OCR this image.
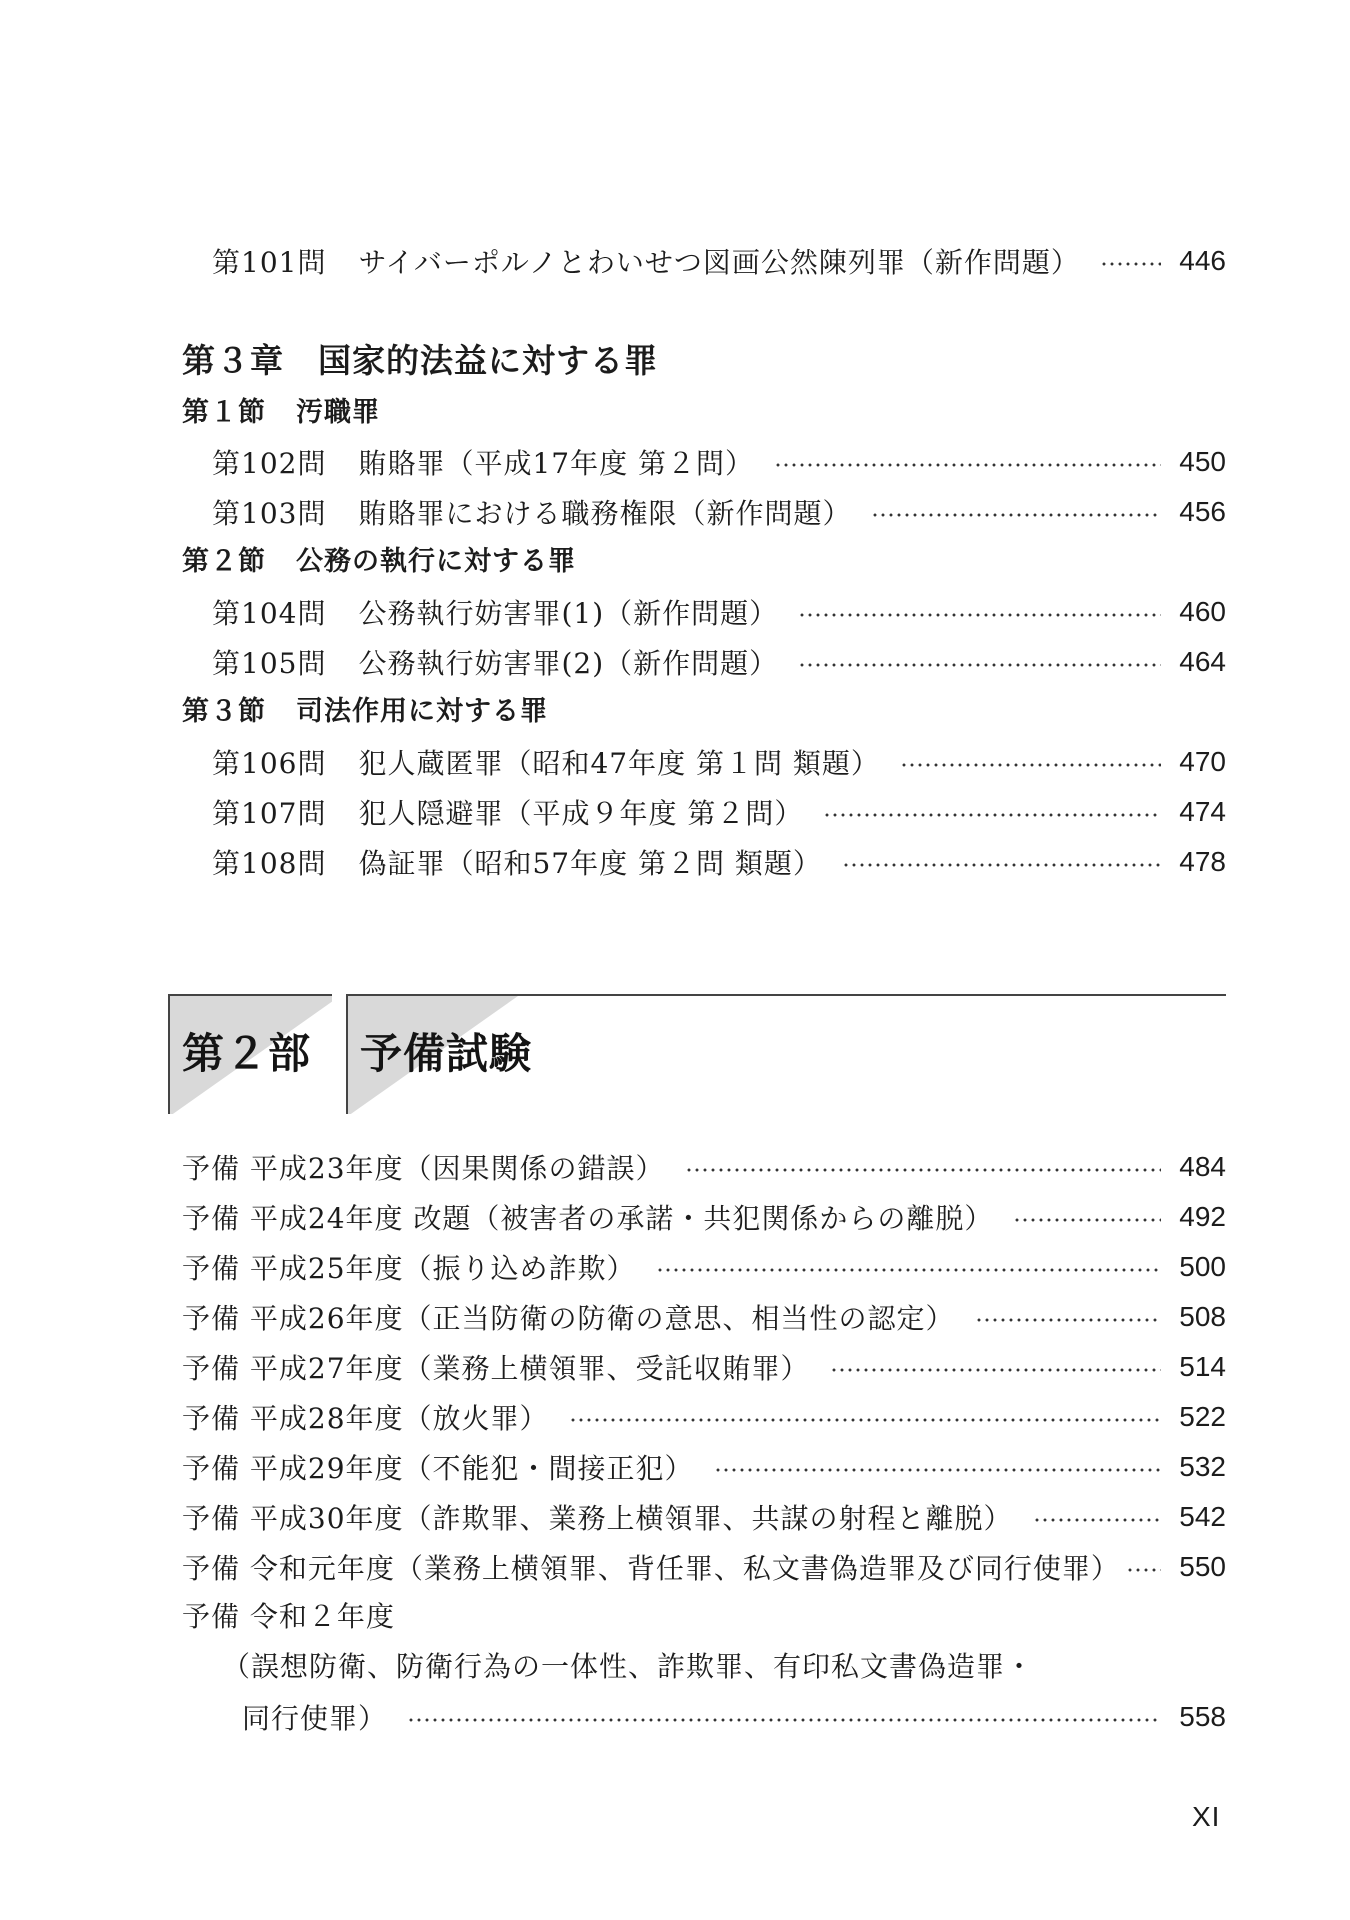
第101問 サイバーポルノとわいせつ図画公然陳列罪（新作問題）	446
第３章 国家的法益に対する罪
第１節 汚職罪
第102問 賄賂罪（平成17年度 第２問）	450
第103問 賄賂罪における職務権限（新作問題）	456
第２節 公務の執行に対する罪
第104問 公務執行妨害罪(1)（新作問題）	460
第105問 公務執行妨害罪(2)（新作問題）	464
第３節 司法作用に対する罪
第106問 犯人蔵匿罪（昭和47年度 第１問 類題）	470
第107問 犯人隠避罪（平成９年度 第２問）	474
第108問 偽証罪（昭和57年度 第２問 類題）	478
第２部 予備試験
予備 平成23年度（因果関係の錯誤）	484
予備 平成24年度 改題（被害者の承諾・共犯関係からの離脱）	492
予備 平成25年度（振り込め詐欺）	500
予備 平成26年度（正当防衛の防衛の意思、相当性の認定）	508
予備 平成27年度（業務上横領罪、受託収賄罪）	514
予備 平成28年度（放火罪）	522
予備 平成29年度（不能犯・間接正犯）	532
予備 平成30年度（詐欺罪、業務上横領罪、共謀の射程と離脱）	542
予備 令和元年度（業務上横領罪、背任罪、私文書偽造罪及び同行使罪） 550
予備 令和２年度
（誤想防衛、防衛行為の一体性、詐欺罪、有印私文書偽造罪・
同行使罪）	558
XI
